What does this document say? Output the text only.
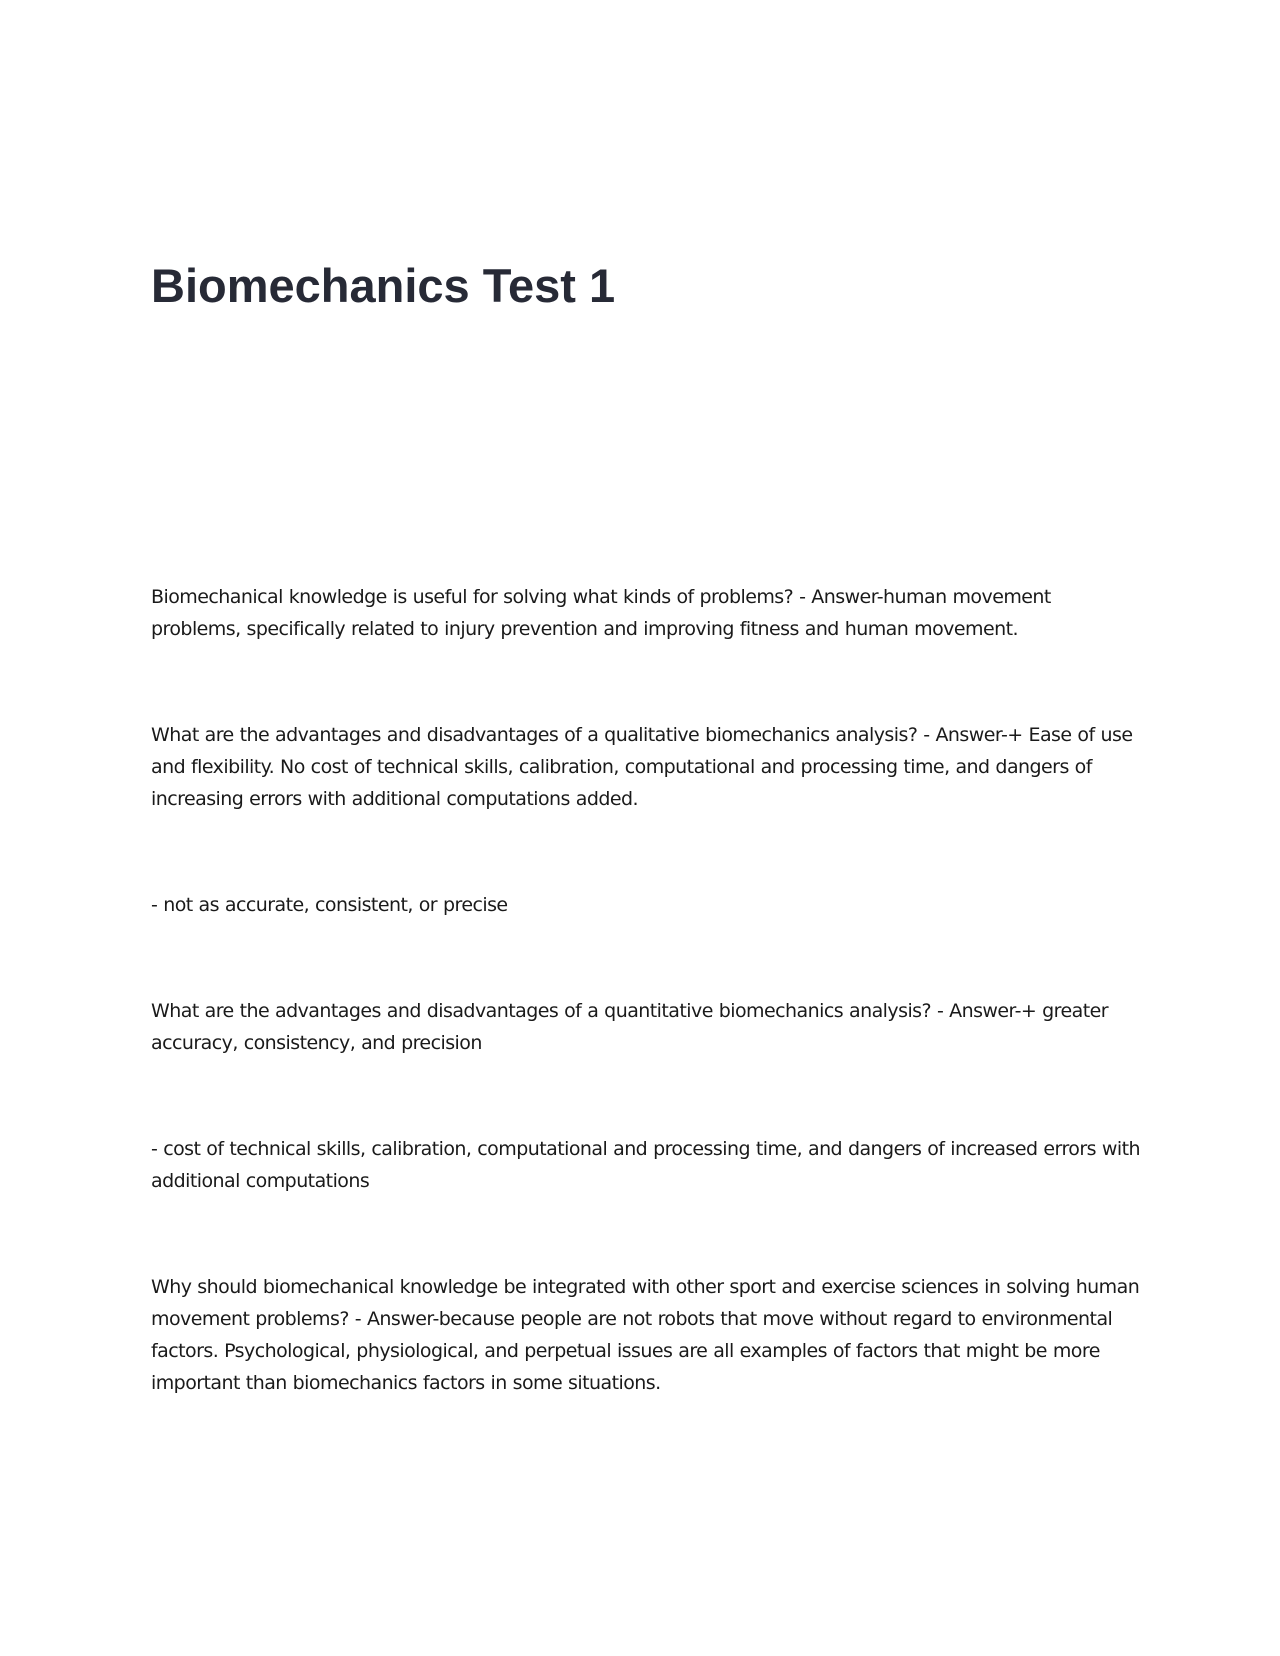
Biomechanics Test 1

Biomechanical knowledge is useful for solving what kinds of problems? - Answer-human movement problems, specifically related to injury prevention and improving fitness and human movement.

What are the advantages and disadvantages of a qualitative biomechanics analysis? - Answer-+ Ease of use and flexibility. No cost of technical skills, calibration, computational and processing time, and dangers of increasing errors with additional computations added.

- not as accurate, consistent, or precise

What are the advantages and disadvantages of a quantitative biomechanics analysis? - Answer-+ greater accuracy, consistency, and precision

- cost of technical skills, calibration, computational and processing time, and dangers of increased errors with additional computations

Why should biomechanical knowledge be integrated with other sport and exercise sciences in solving human movement problems? - Answer-because people are not robots that move without regard to environmental factors. Psychological, physiological, and perpetual issues are all examples of factors that might be more important than biomechanics factors in some situations.
